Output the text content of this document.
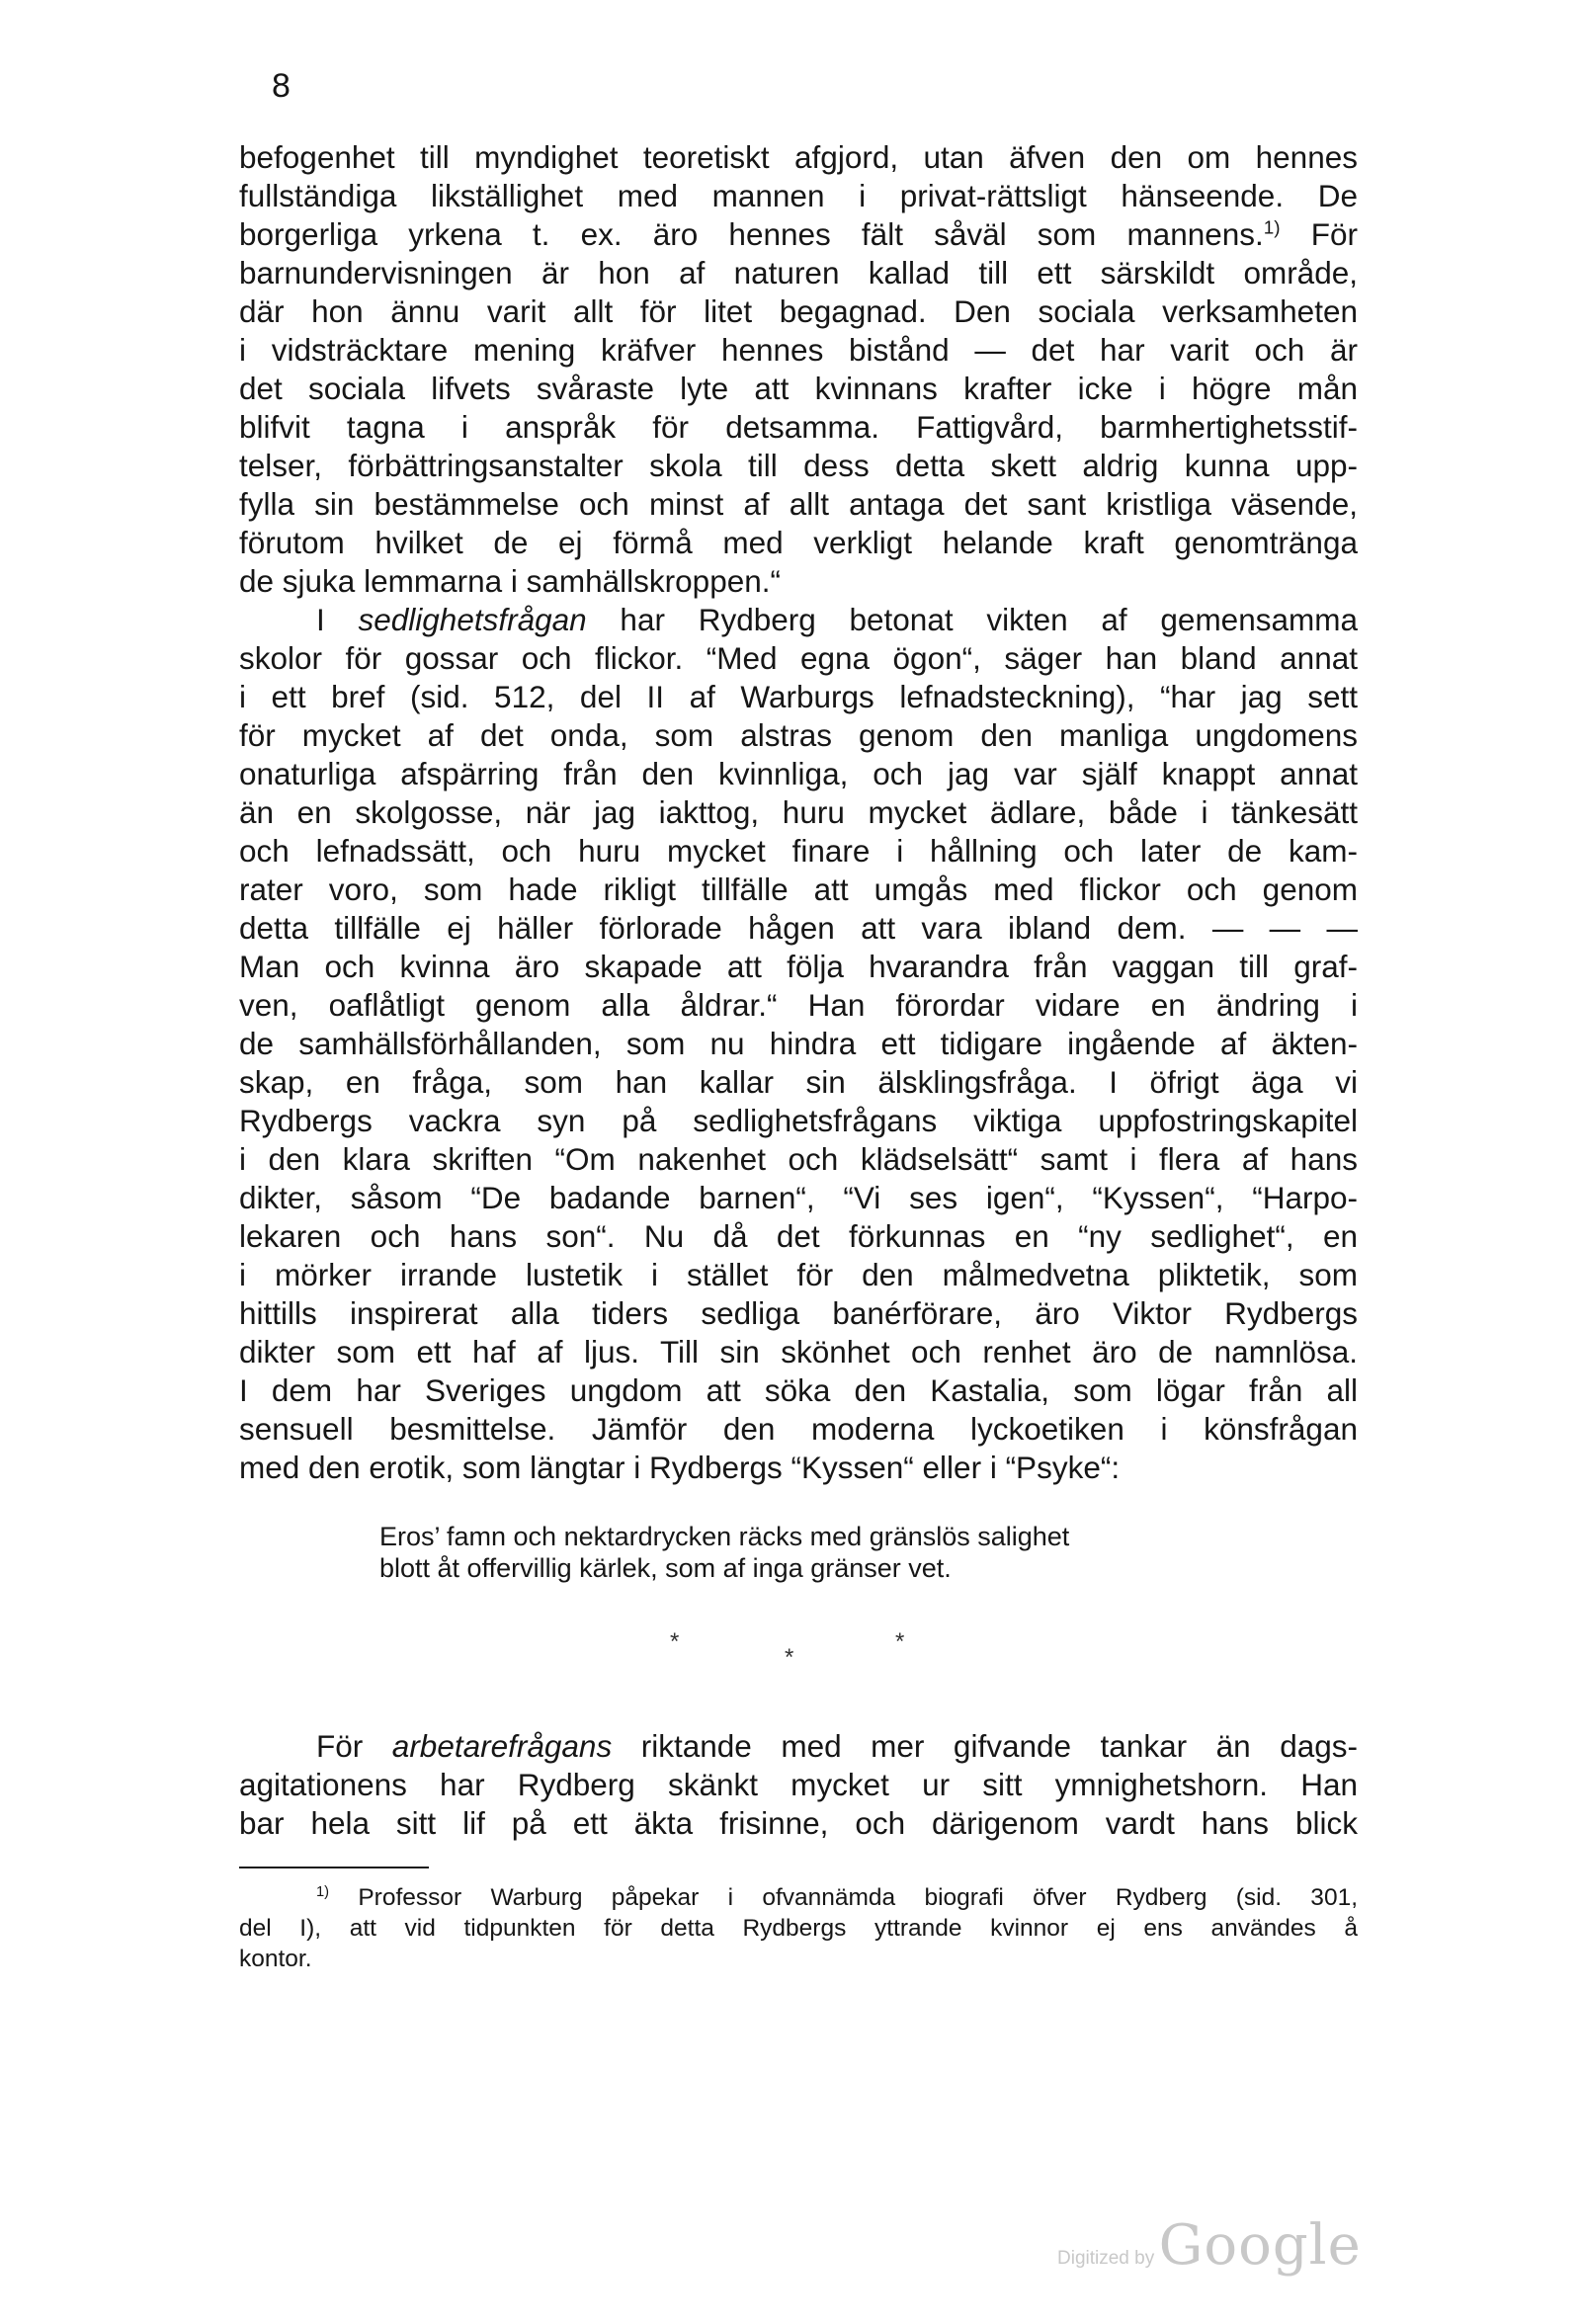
8
befogenhet till myndighet teoretiskt afgjord, utan äfven den om hennes
fullständiga likställighet med mannen i privat-rättsligt hänseende. De
borgerliga yrkena t. ex. äro hennes fält såväl som mannens.$^{1)}$ För
barnundervisningen är hon af naturen kallad till ett särskildt område,
där hon ännu varit allt för litet begagnad. Den sociala verksamheten
i vidsträcktare mening kräfver hennes bistånd — det har varit och är
det sociala lifvets svåraste lyte att kvinnans krafter icke i högre mån
blifvit tagna i anspråk för detsamma. Fattigvård, barmhertighetsstif-
telser, förbättringsanstalter skola till dess detta skett aldrig kunna upp-
fylla sin bestämmelse och minst af allt antaga det sant kristliga väsende,
förutom hvilket de ej förmå med verkligt helande kraft genomtränga
de sjuka lemmarna i samhällskroppen.“
I sedlighetsfrågan har Rydberg betonat vikten af gemensamma
skolor för gossar och flickor. “Med egna ögon“, säger han bland annat
i ett bref (sid. 512, del II af Warburgs lefnadsteckning), “har jag sett
för mycket af det onda, som alstras genom den manliga ungdomens
onaturliga afspärring från den kvinnliga, och jag var själf knappt annat
än en skolgosse, när jag iakttog, huru mycket ädlare, både i tänkesätt
och lefnadssätt, och huru mycket finare i hållning och later de kam-
rater voro, som hade rikligt tillfälle att umgås med flickor och genom
detta tillfälle ej häller förlorade hågen att vara ibland dem. — — —
Man och kvinna äro skapade att följa hvarandra från vaggan till graf-
ven, oaflåtligt genom alla åldrar.“ Han förordar vidare en ändring i
de samhällsförhållanden, som nu hindra ett tidigare ingående af äkten-
skap, en fråga, som han kallar sin älsklingsfråga. I öfrigt äga vi
Rydbergs vackra syn på sedlighetsfrågans viktiga uppfostringskapitel
i den klara skriften “Om nakenhet och klädselsätt“ samt i flera af hans
dikter, såsom “De badande barnen“, “Vi ses igen“, “Kyssen“, “Harpo-
lekaren och hans son“. Nu då det förkunnas en “ny sedlighet“, en
i mörker irrande lustetik i stället för den målmedvetna pliktetik, som
hittills inspirerat alla tiders sedliga banérförare, äro Viktor Rydbergs
dikter som ett haf af ljus. Till sin skönhet och renhet äro de namnlösa.
I dem har Sveriges ungdom att söka den Kastalia, som lögar från all
sensuell besmittelse. Jämför den moderna lyckoetiken i könsfrågan
med den erotik, som längtar i Rydbergs “Kyssen“ eller i “Psyke“:
Eros’ famn och nektardrycken räcks med gränslös salighet
blott åt offervillig kärlek, som af inga gränser vet.
*	*
*
För arbetarefrågans riktande med mer gifvande tankar än dags-
agitationens har Rydberg skänkt mycket ur sitt ymnighetshorn. Han
bar hela sitt lif på ett äkta frisinne, och därigenom vardt hans blick
$^{1)}$ Professor Warburg påpekar i ofvannämda biografi öfver Rydberg (sid. 301,
del I), att vid tidpunkten för detta Rydbergs yttrande kvinnor ej ens användes å
kontor.
Digitized by Google
